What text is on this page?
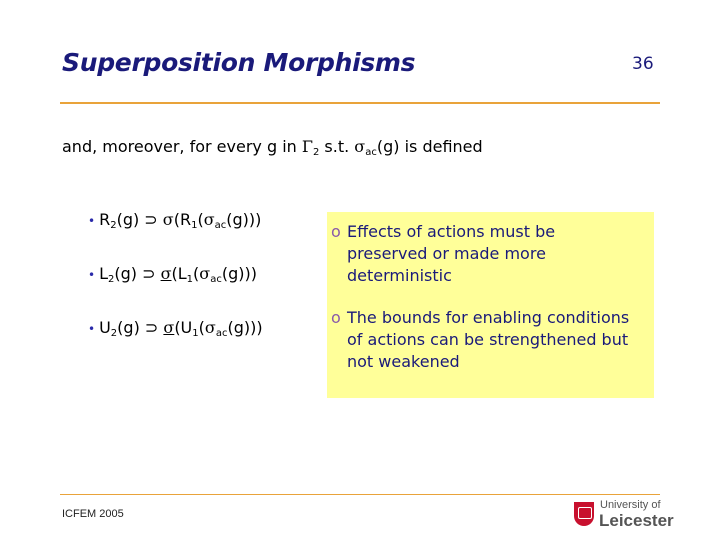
Superposition Morphisms	36
and, moreover, for every g in $\Gamma_2$ s.t. $\sigma_{ac}(g)$ is defined
• $R_2(g)$ ⊃ $\sigma(R_1(\sigma_{ac}(g)))$
• $L_2(g)$ ⊃ $\sigma(L_1(\sigma_{ac}(g)))$
• $U_2(g)$ ⊃ $\sigma(U_1(\sigma_{ac}(g)))$
o Effects of actions must be
preserved or made more
deterministic
o The bounds for enabling conditions
of actions can be strengthened but
not weakened
ICFEM 2005
University of
Leicester
